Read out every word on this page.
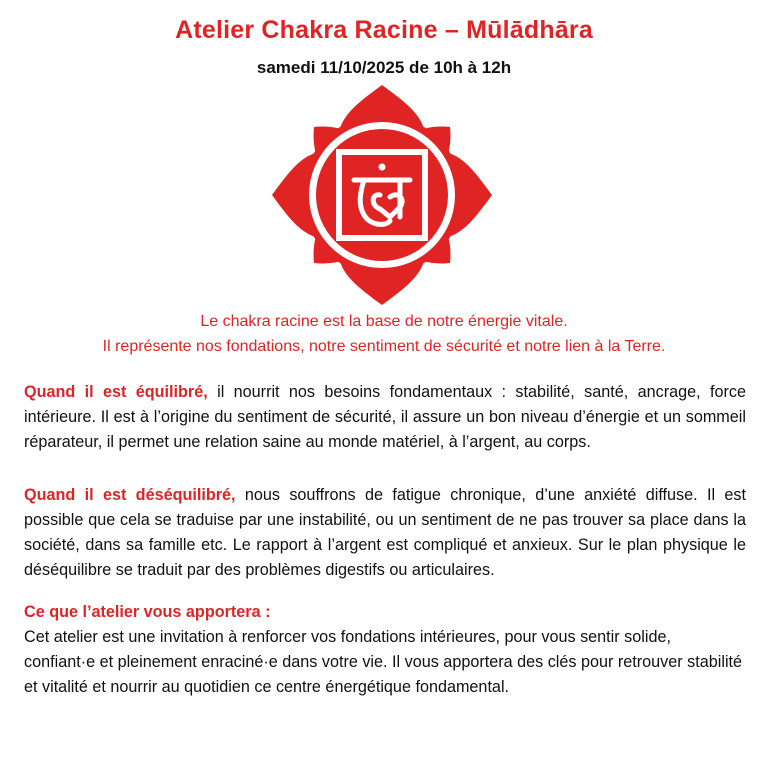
Atelier Chakra Racine – Mūlādhāra
samedi 11/10/2025 de 10h à 12h
Le chakra racine est la base de notre énergie vitale.
Il représente nos fondations, notre sentiment de sécurité et notre lien à la Terre.
Quand il est équilibré, il nourrit nos besoins fondamentaux : stabilité, santé, ancrage, force intérieure. Il est à l’origine du sentiment de sécurité, il assure un bon niveau d’énergie et un sommeil réparateur, il permet une relation saine au monde matériel, à l’argent, au corps.
Quand il est déséquilibré, nous souffrons de fatigue chronique, d’une anxiété diffuse. Il est possible que cela se traduise par une instabilité, ou un sentiment de ne pas trouver sa place dans la société, dans sa famille etc. Le rapport à l’argent est compliqué et anxieux. Sur le plan physique le déséquilibre se traduit par des problèmes digestifs ou articulaires.
Ce que l’atelier vous apportera :
Cet atelier est une invitation à renforcer vos fondations intérieures, pour vous sentir solide, confiant·e et pleinement enraciné·e dans votre vie. Il vous apportera des clés pour retrouver stabilité et vitalité et nourrir au quotidien ce centre énergétique fondamental.
